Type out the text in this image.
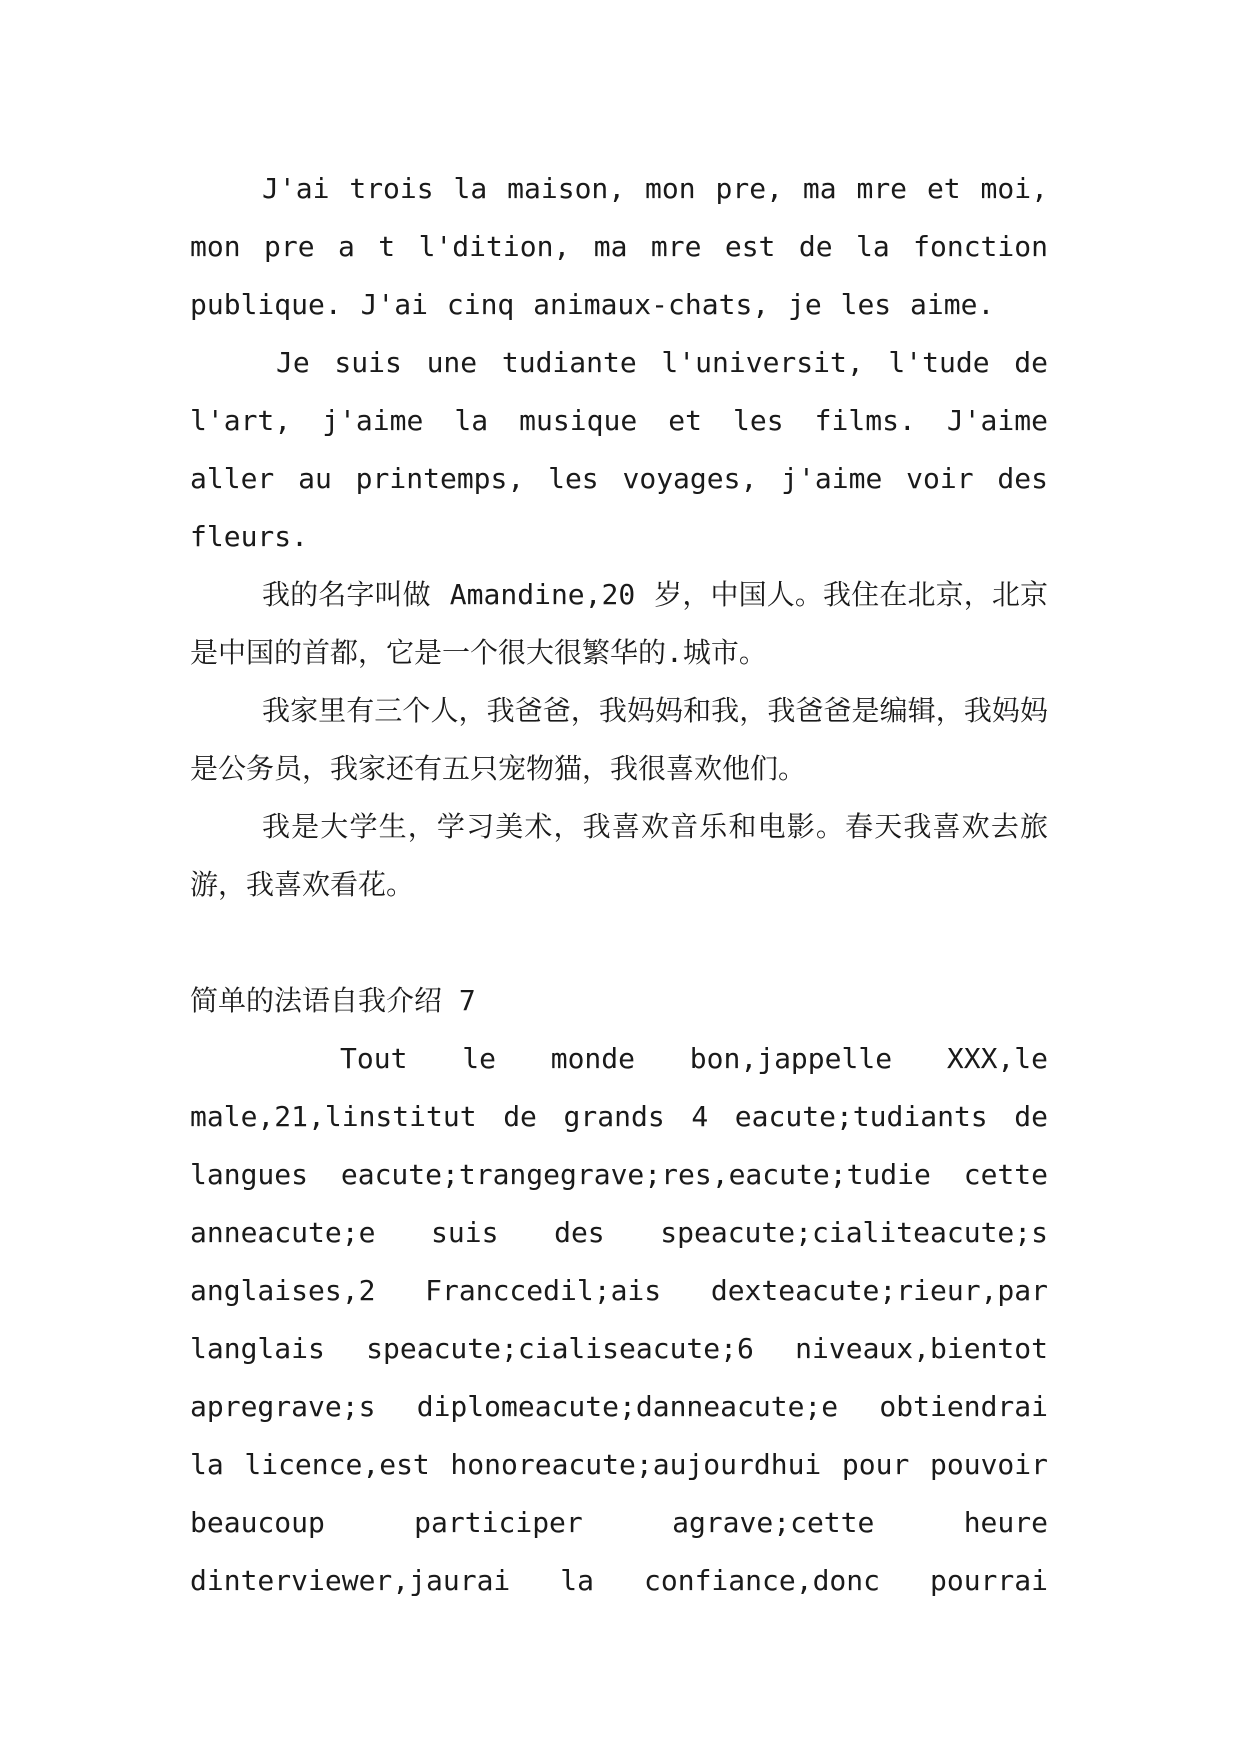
J'ai trois la maison, mon pre, ma mre et moi, mon pre a t l'dition, ma mre est de la fonction publique. J'ai cinq animaux-chats, je les aime.

Je suis une tudiante l'universit, l'tude de l'art, j'aime la musique et les films. J'aime aller au printemps, les voyages, j'aime voir des fleurs.

我的名字叫做 Amandine,20 岁，中国人。我住在北京，北京是中国的首都，它是一个很大很繁华的.城市。

我家里有三个人，我爸爸，我妈妈和我，我爸爸是编辑，我妈妈是公务员，我家还有五只宠物猫，我很喜欢他们。

我是大学生，学习美术，我喜欢音乐和电影。春天我喜欢去旅游，我喜欢看花。

简单的法语自我介绍 7

Tout le monde bon,jappelle XXX,le male,21,linstitut de grands 4 eacute;tudiants de langues eacute;trangegrave;res,eacute;tudie cette anneacute;e suis des speacute;cialiteacute;s anglaises,2 Franccedil;ais dexteacute;rieur,par langlais speacute;cialiseacute;6 niveaux,bientot apregrave;s diplomeacute;danneacute;e obtiendrai la licence,est honoreacute;aujourdhui pour pouvoir beaucoup participer agrave;cette heure dinterviewer,jaurai la confiance,donc pourrai
